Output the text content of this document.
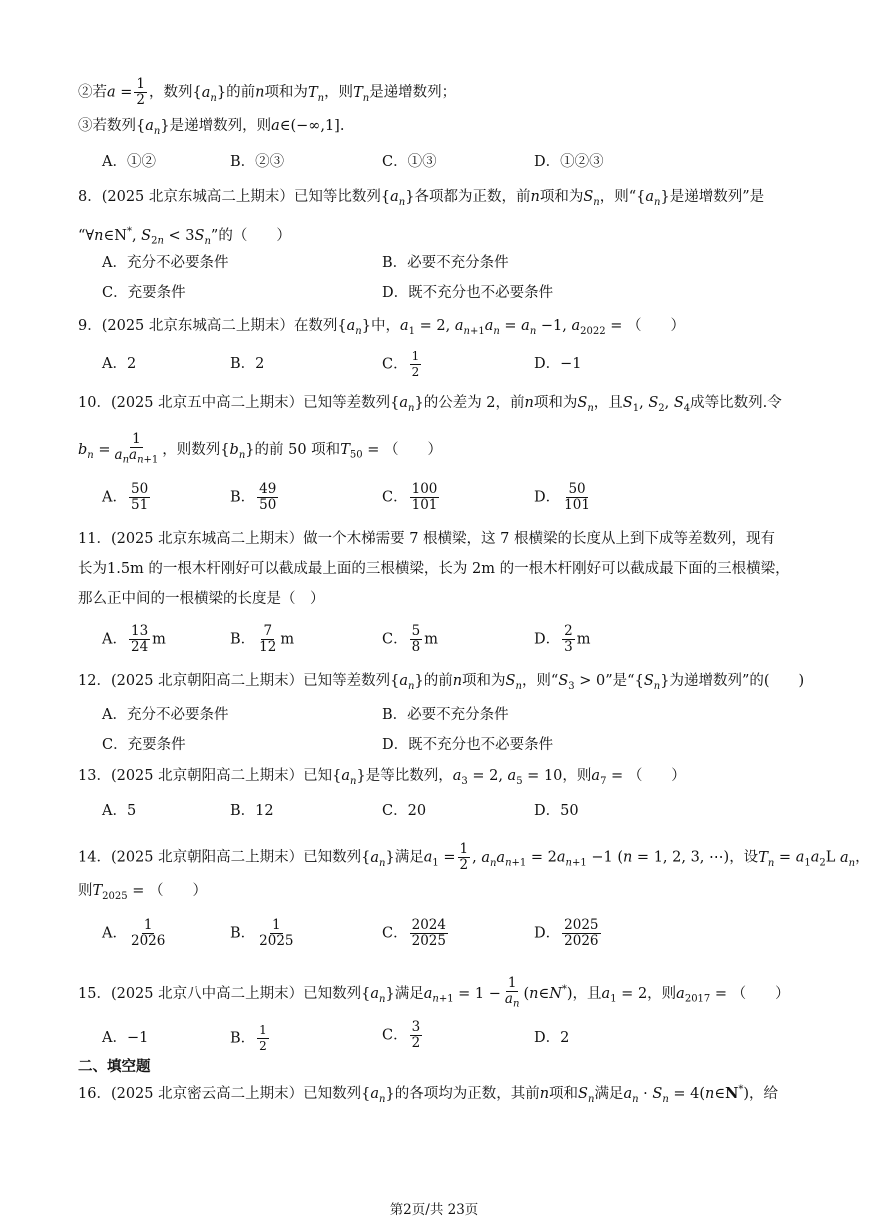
②若$a = \frac{1}{2}$ ，数列$\{a_n\}$的前n项和为$T_n$，则$T_n$是递增数列；
③若数列$\{a_n\}$是递增数列，则a∈(−∞,1].
A．①②	B．②③	C．①③	D．①②③
8．(2025 北京东城高二上期末）已知等比数列$\{a_n\}$各项都为正数，前n项和为$S_n$，则“$\{a_n\}$是递增数列”是
“∀n∈N*, $S_{2n} < 3S_n$”的（　　）
A．充分不必要条件	B．必要不充分条件
C．充要条件	D．既不充分也不必要条件
9．(2025 北京东城高二上期末）在数列$\{a_n\}$中，$a_1 = 2$, $a_{n+1}a_n = a_n -1$, $a_{2022}$ = （　　）
A．2	B．2	C． $\frac{1}{2}$	D．−1
10．(2025 北京五中高二上期末）已知等差数列$\{a_n\}$的公差为 2，前n项和为$S_n$，且$S_1$, $S_2$, $S_4$成等比数列.令
$b_n = \frac{1}{a_na_{n+1}}$ ，则数列$\{b_n\}$的前 50 项和$T_{50}$ = （　　）
A． $\frac{50}{51}$	B． $\frac{49}{50}$	C． $\frac{100}{101}$	D． $\frac{50}{101}$
11．(2025 北京东城高二上期末）做一个木梯需要 7 根横梁，这 7 根横梁的长度从上到下成等差数列，现有
长为1.5m 的一根木杆刚好可以截成最上面的三根横梁，长为 2m 的一根木杆刚好可以截成最下面的三根横梁，
那么正中间的一根横梁的长度是（　）
A． $\frac{13}{24}$ m	B． $\frac{7}{12}$ m	C． $\frac{5}{8}$ m	D． $\frac{2}{3}$ m
12．(2025 北京朝阳高二上期末）已知等差数列$\{a_n\}$的前n项和为$S_n$，则“$S_3 > 0$”是“$\{S_n\}$为递增数列”的(　　)
A．充分不必要条件	B．必要不充分条件
C．充要条件	D．既不充分也不必要条件
13．(2025 北京朝阳高二上期末）已知$\{a_n\}$是等比数列，$a_3 = 2$, $a_5 = 10$，则$a_7$ = （　　）
A．5	B．12	C．20	D．50
14．(2025 北京朝阳高二上期末）已知数列$\{a_n\}$满足$a_1 = \frac{1}{2}$ , $a_na_{n+1} = 2a_{n+1} -1$ (n = 1, 2, 3, ⋯)，设$T_n = a_1a_2L$ $a_n$，
则$T_{2025}$ = （　　）
A． $\frac{1}{2026}$	B． $\frac{1}{2025}$	C． $\frac{2024}{2025}$	D． $\frac{2025}{2026}$
15．(2025 北京八中高二上期末）已知数列$\{a_n\}$满足$a_{n+1} = 1 - \frac{1}{a_n}$ (n∈N*)，且$a_1 = 2$，则$a_{2017}$ = （　　）
A．−1	B． $\frac{1}{2}$	C． $\frac{3}{2}$	D．2
二、填空题
16．(2025 北京密云高二上期末）已知数列$\{a_n\}$的各项均为正数，其前n项和$S_n$满足$a_n \cdot S_n$ = 4(n∈N*)，给
第2页/共 23页
